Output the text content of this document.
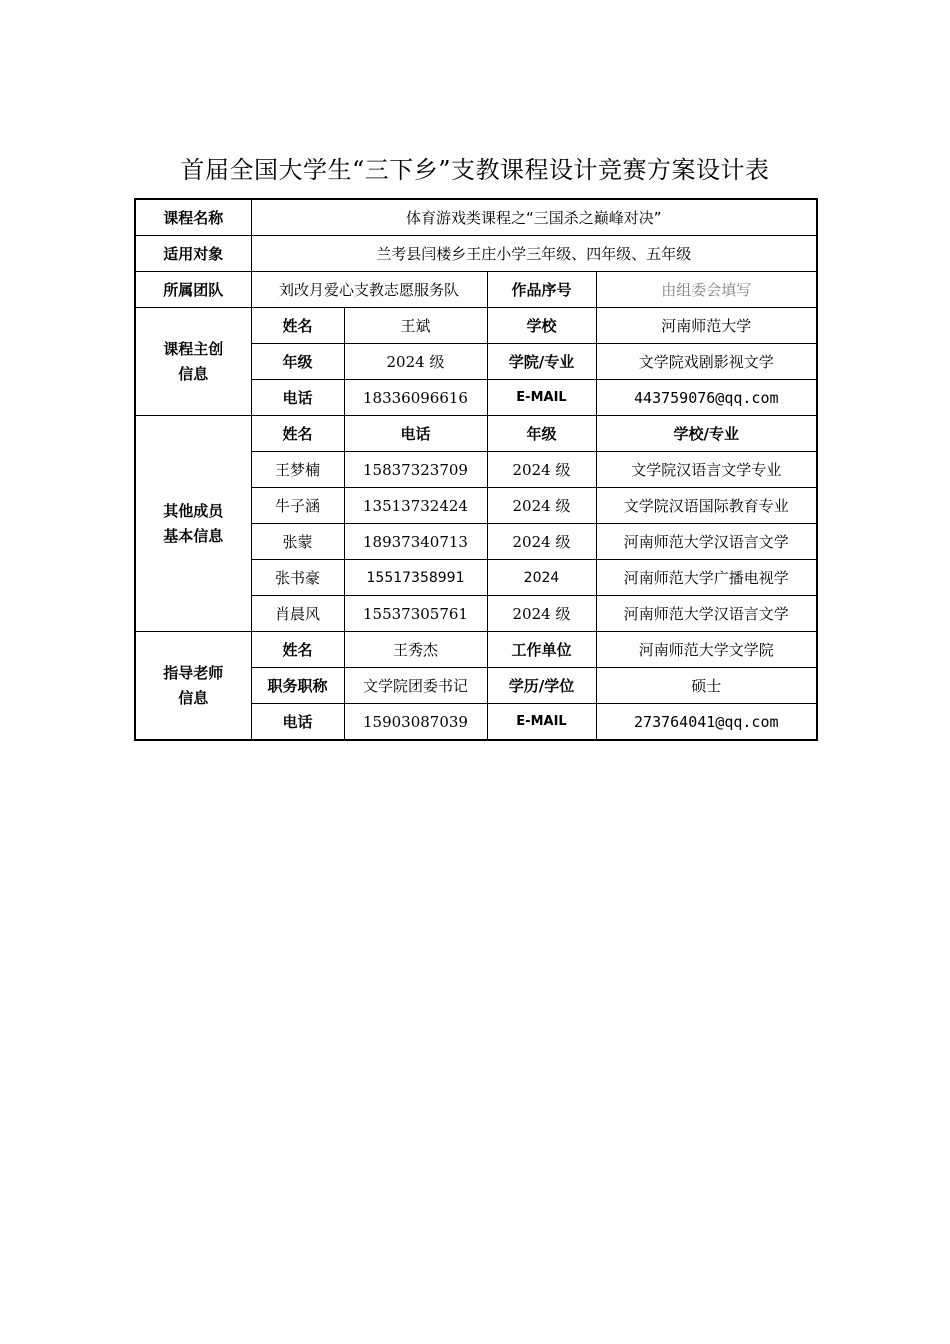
首届全国大学生“三下乡”支教课程设计竞赛方案设计表
课程名称	体育游戏类课程之“三国杀之巅峰对决”			
适用对象	兰考县闫楼乡王庄小学三年级、四年级、五年级			
所属团队	刘改月爱心支教志愿服务队		作品序号	由组委会填写
课程主创信息	姓名	王斌	学校	河南师范大学
	年级	2024 级	学院/专业	文学院戏剧影视文学
	电话	18336096616	E-MAIL	443759076@qq.com
其他成员基本信息	姓名	电话	年级	学校/专业
	王梦楠	15837323709	2024 级	文学院汉语言文学专业
	牛子涵	13513732424	2024 级	文学院汉语国际教育专业
	张蒙	18937340713	2024 级	河南师范大学汉语言文学
	张书豪	15517358991	2024	河南师范大学广播电视学
	肖晨风	15537305761	2024 级	河南师范大学汉语言文学
指导老师信息	姓名	王秀杰	工作单位	河南师范大学文学院
	职务职称	文学院团委书记	学历/学位	硕士
	电话	15903087039	E-MAIL	273764041@qq.com
